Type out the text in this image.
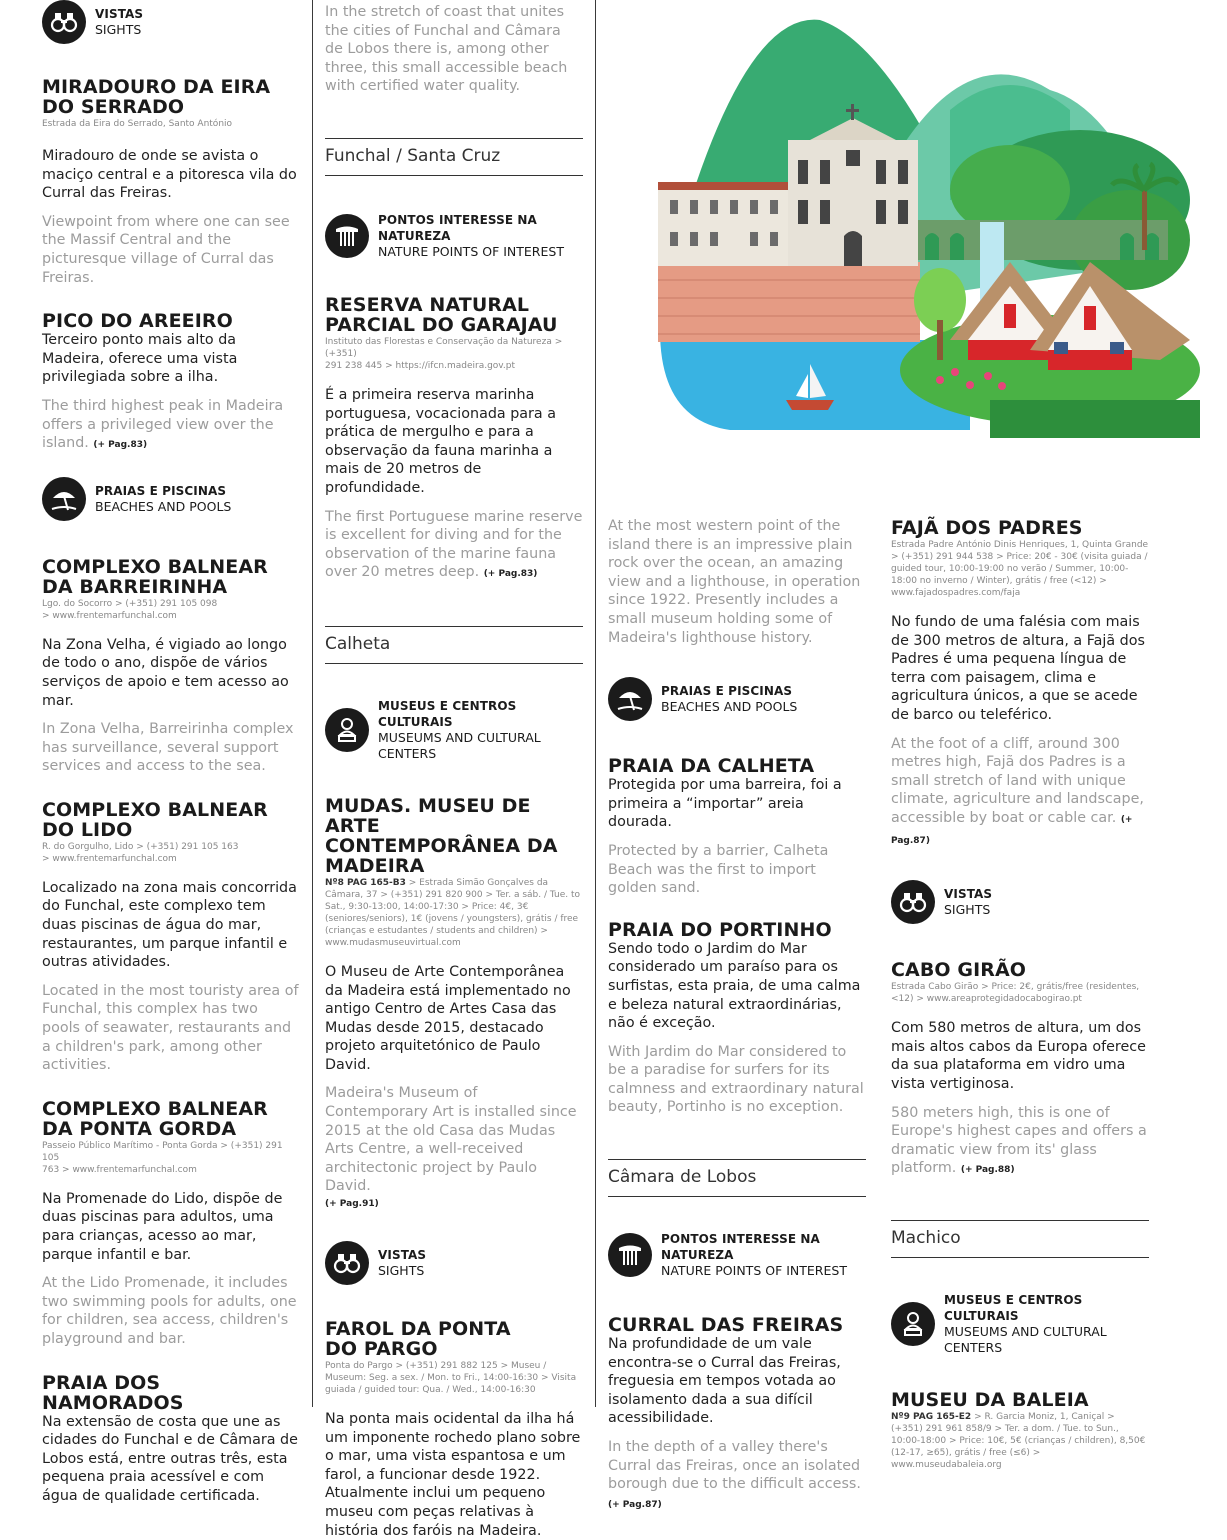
VISTAS
SIGHTS
MIRADOURO DA EIRA
DO SERRADO

Estrada da Eira do Serrado, Santo António

Miradouro de onde se avista o maciço central e a pitoresca vila do Curral das Freiras.

Viewpoint from where one can see the Massif Central and the picturesque village of Curral das Freiras.

PICO DO AREEIRO

Terceiro ponto mais alto da Madeira, oferece uma vista privilegiada sobre a ilha.

The third highest peak in Madeira offers a privileged view over the island. (+ Pag.83)

PRAIAS E PISCINAS
BEACHES AND POOLS
COMPLEXO BALNEAR
DA BARREIRINHA

Lgo. do Socorro > (+351) 291 105 098
> www.frentemarfunchal.com

Na Zona Velha, é vigiado ao longo de todo o ano, dispõe de vários serviços de apoio e tem acesso ao mar.

In Zona Velha, Barreirinha complex has surveillance, several support services and access to the sea.

COMPLEXO BALNEAR
DO LIDO

R. do Gorgulho, Lido > (+351) 291 105 163
> www.frentemarfunchal.com

Localizado na zona mais concorrida do Funchal, este complexo tem duas piscinas de água do mar, restaurantes, um parque infantil e outras atividades.

Located in the most touristy area of Funchal, this complex has two pools of seawater, restaurants and a children's park, among other activities.

COMPLEXO BALNEAR
DA PONTA GORDA

Passeio Público Marítimo - Ponta Gorda > (+351) 291 105
763 > www.frentemarfunchal.com

Na Promenade do Lido, dispõe de duas piscinas para adultos, uma para crianças, acesso ao mar, parque infantil e bar.

At the Lido Promenade, it includes two swimming pools for adults, one for children, sea access, children's playground and bar.

PRAIA DOS NAMORADOS

Na extensão de costa que une as cidades do Funchal e de Câmara de Lobos está, entre outras três, esta pequena praia acessível e com água de qualidade certificada.

In the stretch of coast that unites the cities of Funchal and Câmara de Lobos there is, among other three, this small accessible beach with certified water quality.

Funchal / Santa Cruz
PONTOS INTERESSE NA NATUREZA
NATURE POINTS OF INTEREST
RESERVA NATURAL
PARCIAL DO GARAJAU

Instituto das Florestas e Conservação da Natureza > (+351)
291 238 445 > https://ifcn.madeira.gov.pt

É a primeira reserva marinha portuguesa, vocacionada para a prática de mergulho e para a observação da fauna marinha a mais de 20 metros de profundidade.

The first Portuguese marine reserve is excellent for diving and for the observation of the marine fauna over 20 metres deep. (+ Pag.83)

Calheta
MUSEUS E CENTROS CULTURAIS
MUSEUMS AND CULTURAL CENTERS
MUDAS. MUSEU DE ARTE
CONTEMPORÂNEA DA
MADEIRA

Nº8 PAG 165-B3 > Estrada Simão Gonçalves da Câmara, 37 > (+351) 291 820 900 > Ter. a sáb. / Tue. to Sat., 9:30-13:00, 14:00-17:30 > Price: 4€, 3€ (seniores/seniors), 1€ (jovens / youngsters), grátis / free (crianças e estudantes / students and children) > www.mudasmuseuvirtual.com

O Museu de Arte Contemporânea da Madeira está implementado no antigo Centro de Artes Casa das Mudas desde 2015, destacado projeto arquitetónico de Paulo David.

Madeira's Museum of Contemporary Art is installed since 2015 at the old Casa das Mudas Arts Centre, a well-received architectonic project by Paulo David.

(+ Pag.91)

VISTAS
SIGHTS
FAROL DA PONTA
DO PARGO

Ponta do Pargo > (+351) 291 882 125 > Museu / Museum: Seg. a sex. / Mon. to Fri., 14:00-16:30 > Visita guiada / guided tour: Qua. / Wed., 14:00-16:30

Na ponta mais ocidental da ilha há um imponente rochedo plano sobre o mar, uma vista espantosa e um farol, a funcionar desde 1922. Atualmente inclui um pequeno museu com peças relativas à história dos faróis na Madeira.

At the most western point of the island there is an impressive plain rock over the ocean, an amazing view and a lighthouse, in operation since 1922. Presently includes a small museum holding some of Madeira's lighthouse history.

PRAIAS E PISCINAS
BEACHES AND POOLS
PRAIA DA CALHETA

Protegida por uma barreira, foi a primeira a “importar” areia dourada.

Protected by a barrier, Calheta Beach was the first to import golden sand.

PRAIA DO PORTINHO

Sendo todo o Jardim do Mar considerado um paraíso para os surfistas, esta praia, de uma calma e beleza natural extraordinárias, não é exceção.

With Jardim do Mar considered to be a paradise for surfers for its calmness and extraordinary natural beauty, Portinho is no exception.

Câmara de Lobos
PONTOS INTERESSE NA NATUREZA
NATURE POINTS OF INTEREST
CURRAL DAS FREIRAS

Na profundidade de um vale encontra-se o Curral das Freiras, freguesia em tempos votada ao isolamento dada a sua difícil acessibilidade.

In the depth of a valley there's Curral das Freiras, once an isolated borough due to the difficult access. (+ Pag.87)

FAJÃ DOS PADRES

Estrada Padre António Dinis Henriques, 1, Quinta Grande > (+351) 291 944 538 > Price: 20€ - 30€ (visita guiada / guided tour, 10:00-19:00 no verão / Summer, 10:00-18:00 no inverno / Winter), grátis / free (<12) > www.fajadospadres.com/faja

No fundo de uma falésia com mais de 300 metros de altura, a Fajã dos Padres é uma pequena língua de terra com paisagem, clima e agricultura únicos, a que se acede de barco ou teleférico.

At the foot of a cliff, around 300 metres high, Fajã dos Padres is a small stretch of land with unique climate, agriculture and landscape, accessible by boat or cable car. (+ Pag.87)

VISTAS
SIGHTS
CABO GIRÃO

Estrada Cabo Girão > Price: 2€, grátis/free (residentes, <12) > www.areaprotegidadocabogirao.pt

Com 580 metros de altura, um dos mais altos cabos da Europa oferece da sua plataforma em vidro uma vista vertiginosa.

580 meters high, this is one of Europe's highest capes and offers a dramatic view from its' glass platform. (+ Pag.88)

Machico
MUSEUS E CENTROS CULTURAIS
MUSEUMS AND CULTURAL CENTERS
MUSEU DA BALEIA

Nº9 PAG 165-E2 > R. Garcia Moniz, 1, Caniçal > (+351) 291 961 858/9 > Ter. a dom. / Tue. to Sun., 10:00-18:00 > Price: 10€, 5€ (crianças / children), 8,50€ (12-17, ≥65), grátis / free (≤6) > www.museudabaleia.org
